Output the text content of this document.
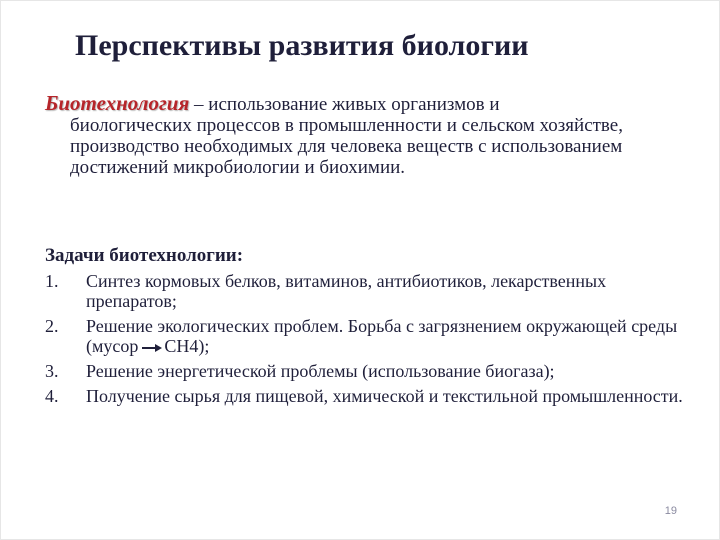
Перспективы развития биологии
Биотехнология – использование живых организмов и
биологических процессов в промышленности и сельском хозяйстве, производство необходимых для человека веществ с использованием достижений микробиологии и биохимии.
Задачи биотехнологии:
1. Синтез кормовых белков, витаминов, антибиотиков, лекарственных препаратов;
2. Решение экологических проблем. Борьба с загрязнением окружающей среды (мусор CH4);
3. Решение энергетической проблемы (использование биогаза);
4. Получение сырья для пищевой, химической и текстильной промышленности.
19
